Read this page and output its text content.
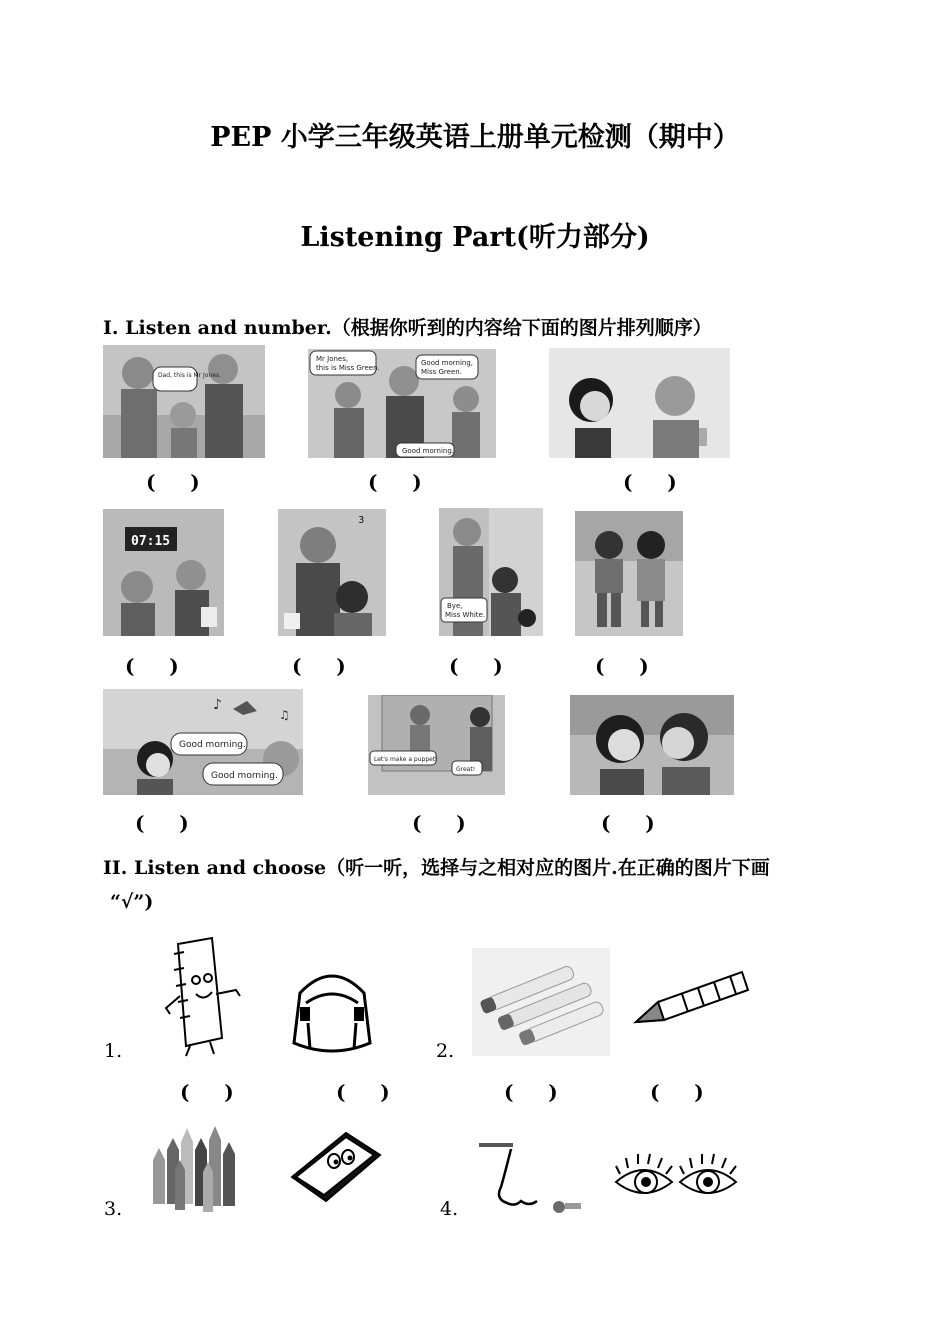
PEP 小学三年级英语上册单元检测（期中）
Listening Part(听力部分)
I. Listen and number.（根据你听到的内容给下面的图片排列顺序）
Dad, this is Mr Jones.
Mr Jones,
this is Miss Green.
Good morning,
Miss Green.
Good morning.
(     )	(     )	(     )
07:15
3
Bye,
Miss White.
(     )	(     )	(     )	(     )
♪
♫
Good morning.
Good morning.
Let's make a puppet!
Great!
(     )	(     )	(     )
II. Listen and choose（听一听，选择与之相对应的图片.在正确的图片下画
“√”)
1.	2.
(     )	(     )	(     )	(     )
3.	4.
